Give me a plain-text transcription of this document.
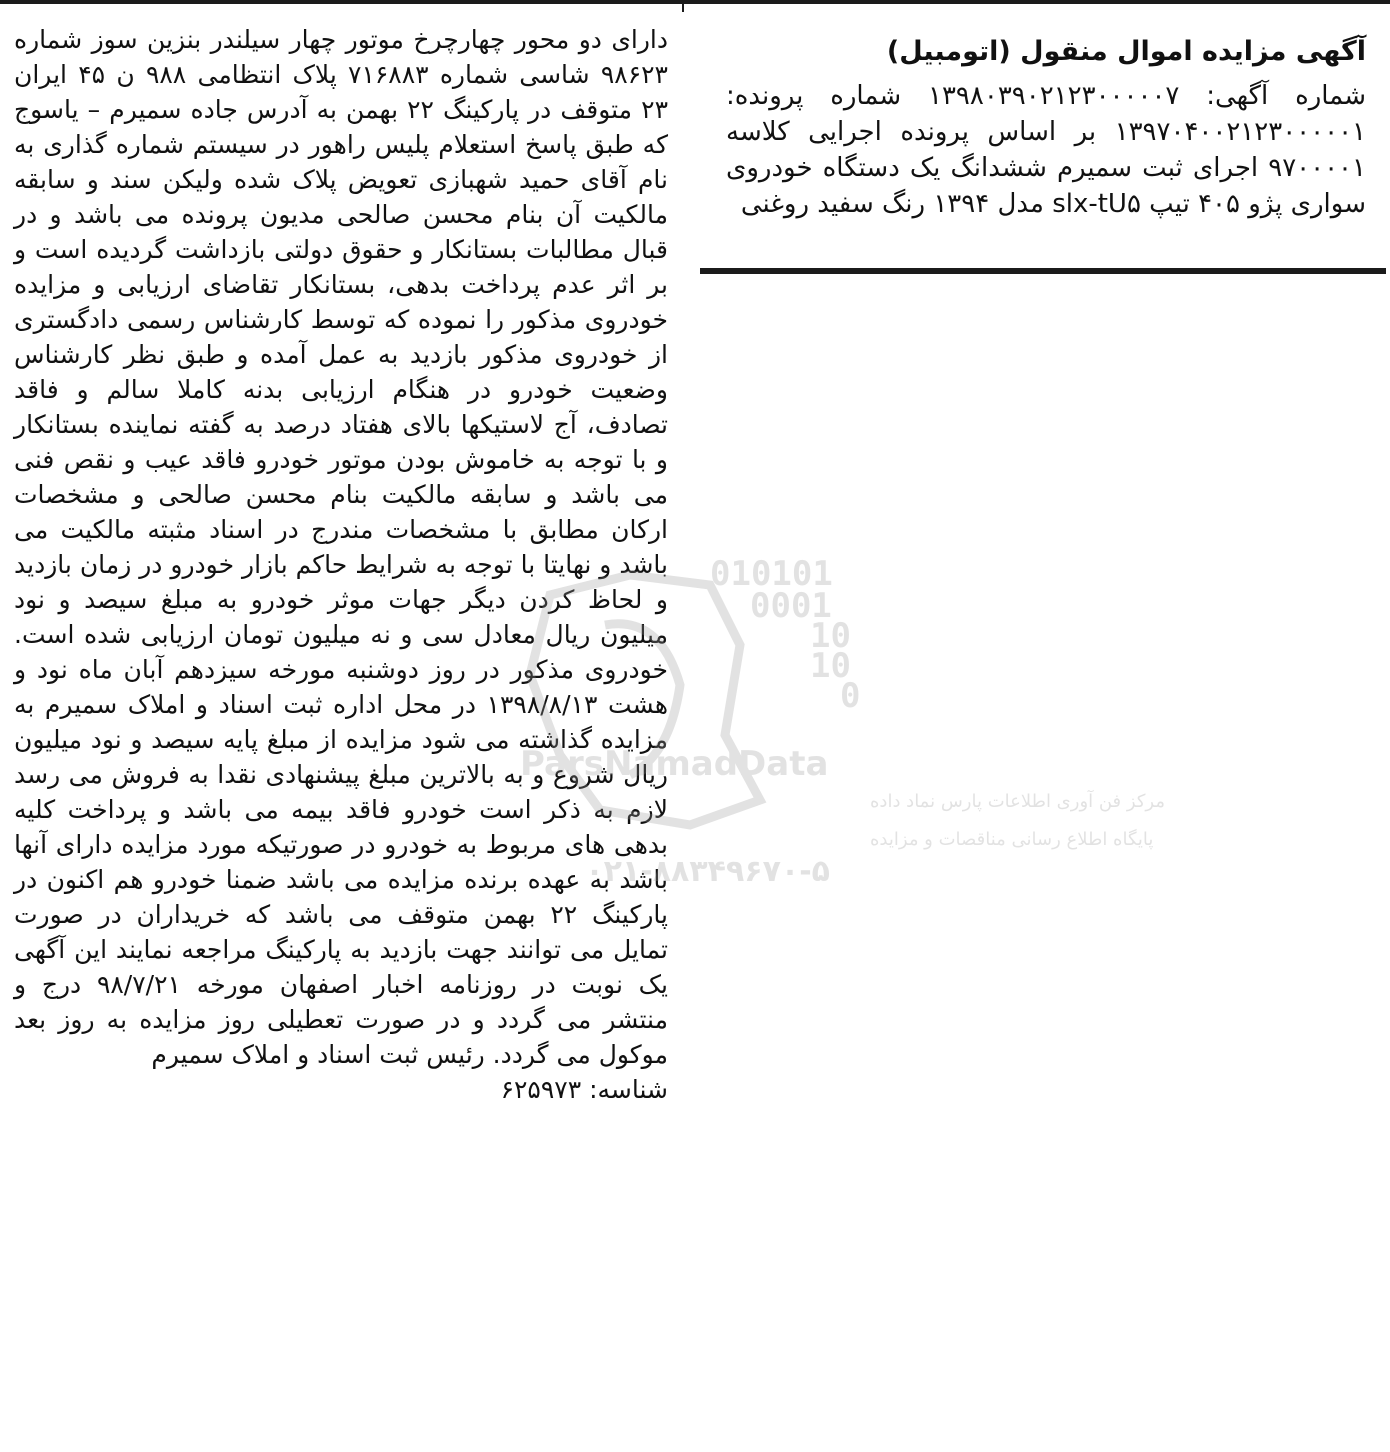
آگهی مزایده اموال منقول (اتومبیل)

شماره آگهی: ۱۳۹۸۰۳۹۰۲۱۲۳۰۰۰۰۰۷ شماره پرونده: ۱۳۹۷۰۴۰۰۲۱۲۳۰۰۰۰۰۱ بر اساس پرونده اجرایی کلاسه ۹۷۰۰۰۰۱ اجرای ثبت سمیرم ششدانگ یک دستگاه خودروی سواری پژو ۴۰۵ تیپ slx-tU۵ مدل ۱۳۹۴ رنگ سفید روغنی

دارای دو محور چهارچرخ موتور چهار سیلندر بنزین سوز شماره ۹۸۶۲۳ شاسی شماره ۷۱۶۸۸۳ پلاک انتظامی ۹۸۸ ن ۴۵ ایران ۲۳ متوقف در پارکینگ ۲۲ بهمن به آدرس جاده سمیرم – یاسوج که طبق پاسخ استعلام پلیس راهور در سیستم شماره گذاری به نام آقای حمید شهبازی تعویض پلاک شده ولیکن سند و سابقه مالکیت آن بنام محسن صالحی مدیون پرونده می باشد و در قبال مطالبات بستانکار و حقوق دولتی بازداشت گردیده است و بر اثر عدم پرداخت بدهی، بستانکار تقاضای ارزیابی و مزایده خودروی مذکور را نموده که توسط کارشناس رسمی دادگستری از خودروی مذکور بازدید به عمل آمده و طبق نظر کارشناس وضعیت خودرو در هنگام ارزیابی بدنه کاملا سالم و فاقد تصادف، آج لاستیکها بالای هفتاد درصد به گفته نماینده بستانکار و با توجه به خاموش بودن موتور خودرو فاقد عیب و نقص فنی می باشد و سابقه مالکیت بنام محسن صالحی و مشخصات ارکان مطابق با مشخصات مندرج در اسناد مثبته مالکیت می باشد و نهایتا با توجه به شرایط حاکم بازار خودرو در زمان بازدید و لحاظ کردن دیگر جهات موثر خودرو به مبلغ سیصد و نود میلیون ریال معادل سی و نه میلیون تومان ارزیابی شده است. خودروی مذکور در روز دوشنبه مورخه سیزدهم آبان ماه نود و هشت ۱۳۹۸/۸/۱۳ در محل اداره ثبت اسناد و املاک سمیرم به مزایده گذاشته می شود مزایده از مبلغ پایه سیصد و نود میلیون ریال شروع و به بالاترین مبلغ پیشنهادی نقدا به فروش می رسد لازم به ذکر است خودرو فاقد بیمه می باشد و پرداخت کلیه بدهی های مربوط به خودرو در صورتیکه مورد مزایده دارای آنها باشد به عهده برنده مزایده می باشد ضمنا خودرو هم اکنون در پارکینگ ۲۲ بهمن متوقف می باشد که خریداران در صورت تمایل می توانند جهت بازدید به پارکینگ مراجعه نمایند این آگهی یک نوبت در روزنامه اخبار اصفهان مورخه ۹۸/۷/۲۱ درج و منتشر می گردد و در صورت تعطیلی روز مزایده به روز بعد موکول می گردد. رئیس ثبت اسناد و املاک سمیرم

شناسه: ۶۲۵۹۷۳
010101
0001
10
10
0
ParsNamadData
مرکز فن آوری اطلاعات پارس نماد داده
پایگاه اطلاع رسانی مناقصات و مزایده
۰۲۱-۸۸۳۴۹۶۷۰-۵
